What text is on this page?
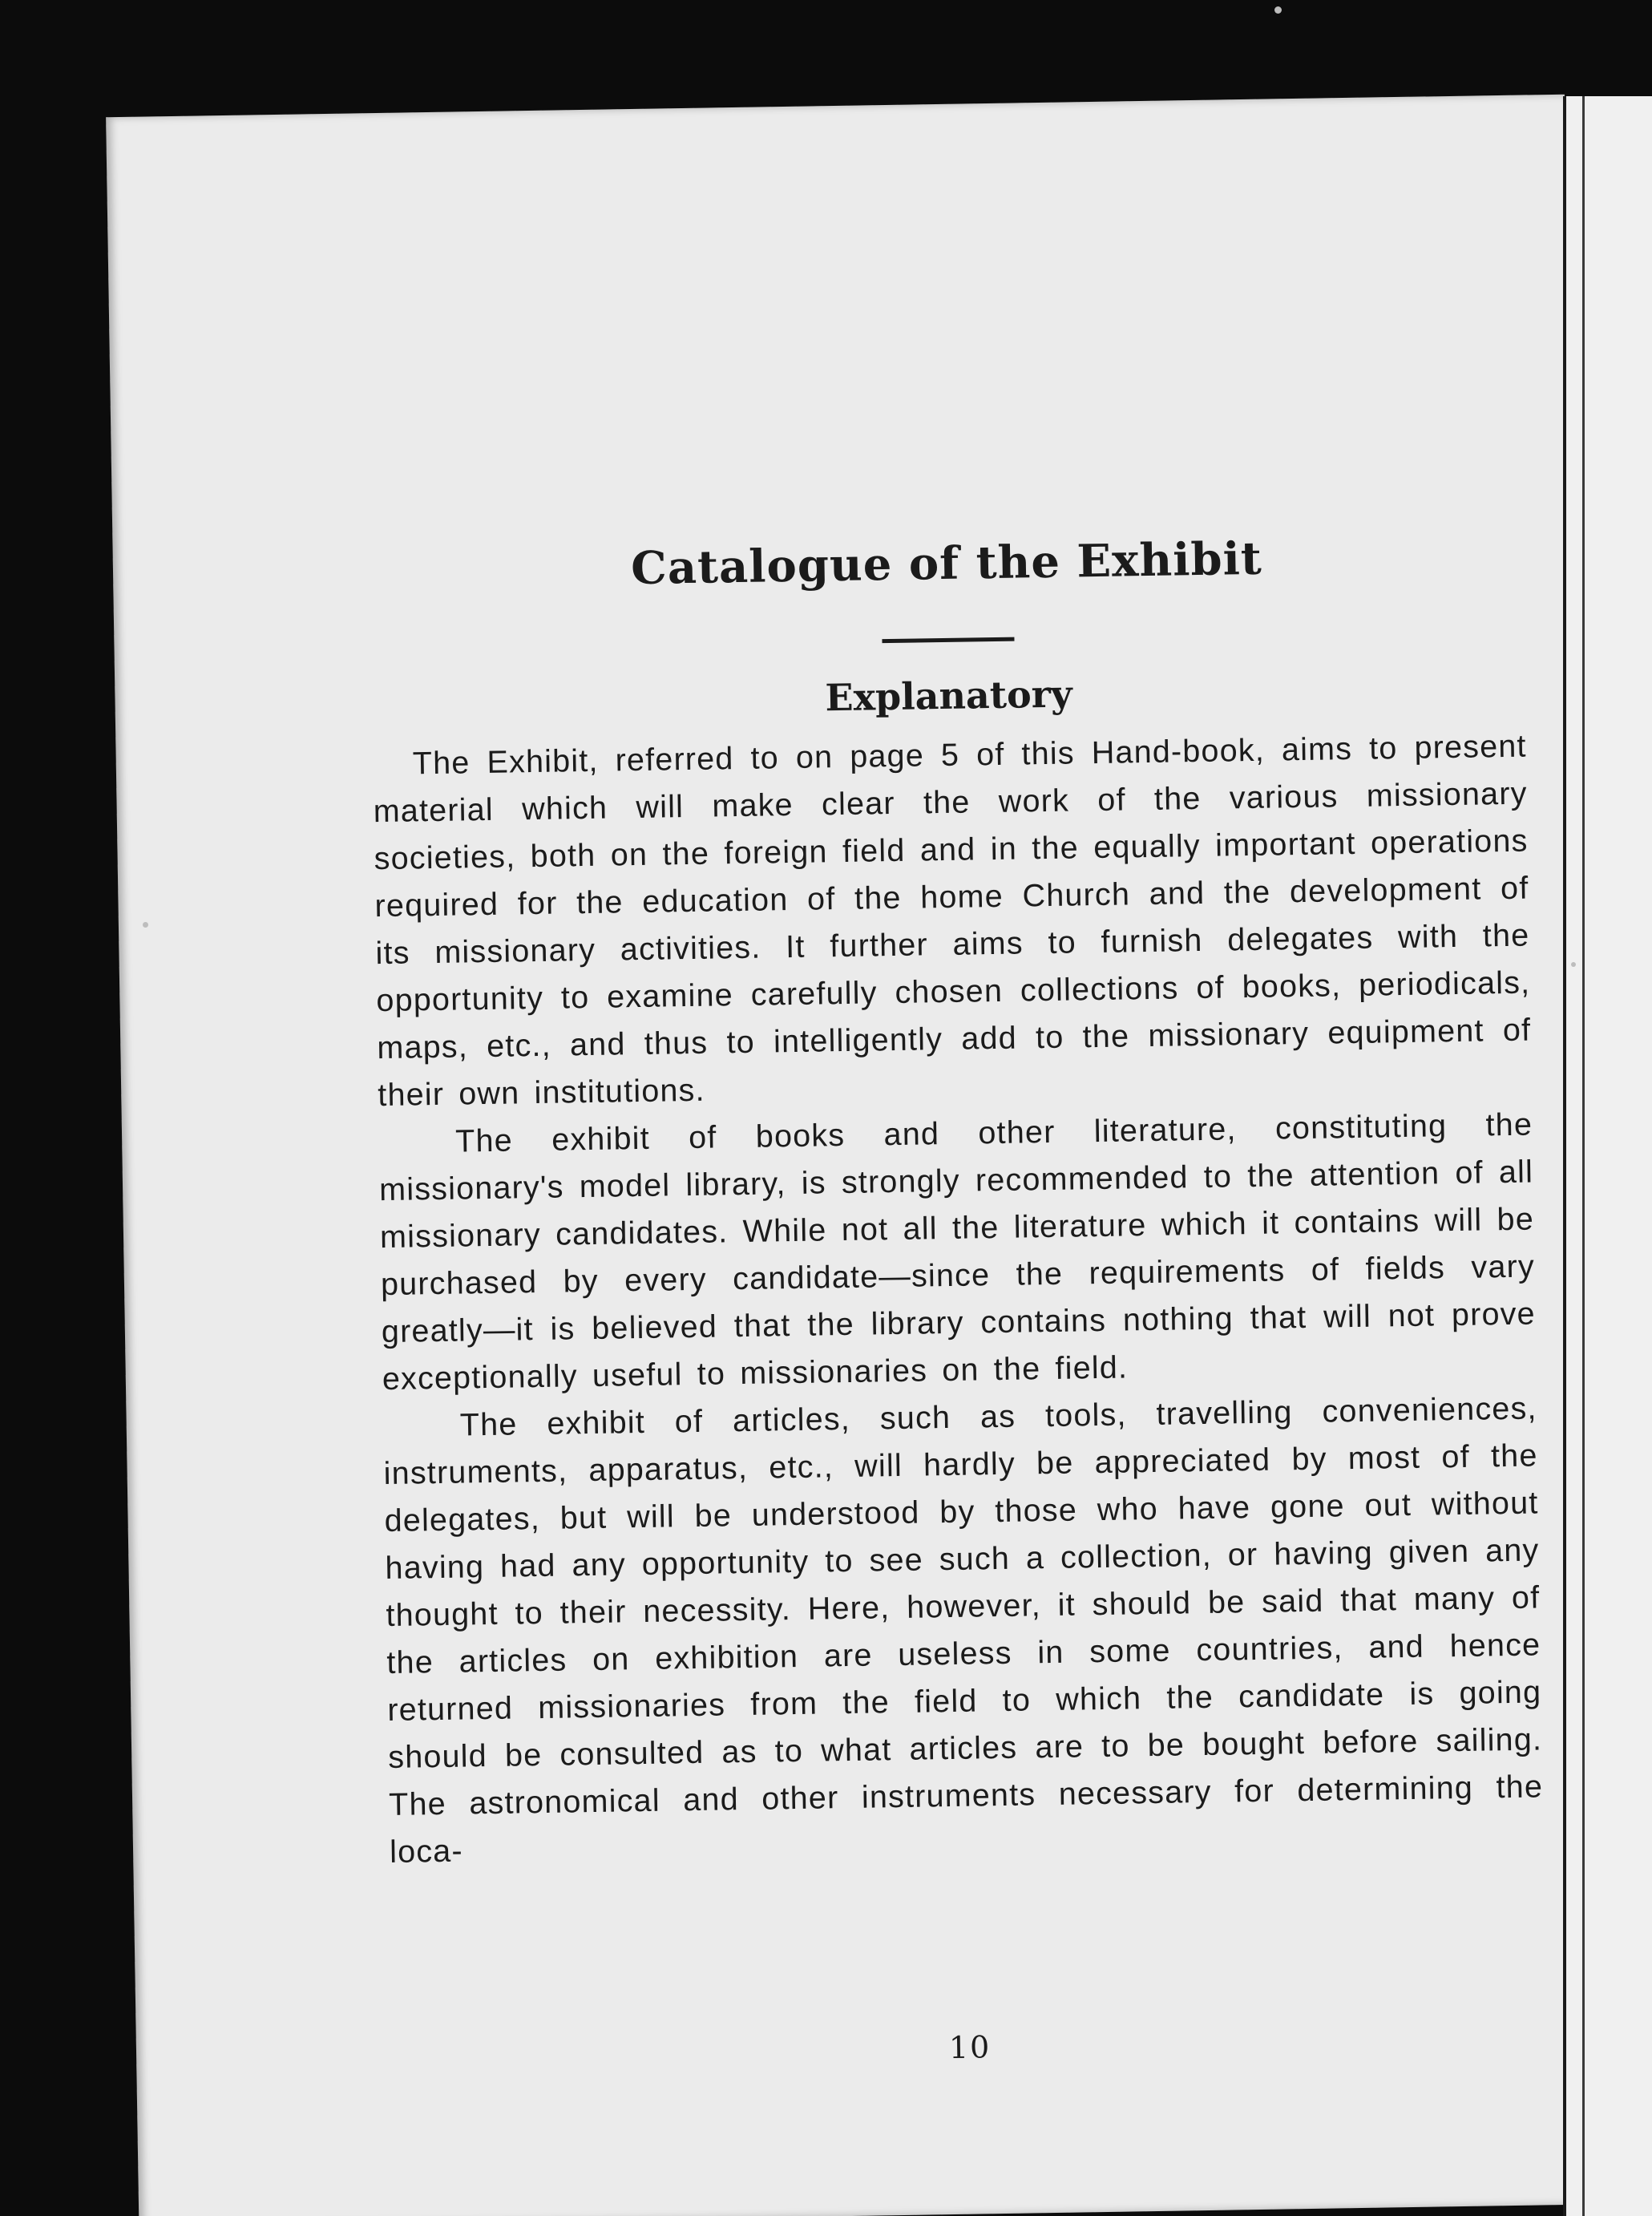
Catalogue of the Exhibit
Explanatory

The Exhibit, referred to on page 5 of this Hand-book, aims to present material which will make clear the work of the various missionary societies, both on the foreign field and in the equally important operations required for the education of the home Church and the development of its missionary activities. It further aims to furnish delegates with the opportunity to examine carefully chosen collections of books, periodicals, maps, etc., and thus to intelligently add to the missionary equipment of their own institutions.

The exhibit of books and other literature, constituting the missionary's model library, is strongly recommended to the attention of all missionary candidates. While not all the literature which it contains will be purchased by every candidate—since the requirements of fields vary greatly—it is believed that the library contains nothing that will not prove exceptionally useful to missionaries on the field.

The exhibit of articles, such as tools, travelling conveniences, instruments, apparatus, etc., will hardly be appreciated by most of the delegates, but will be understood by those who have gone out without having had any opportunity to see such a collection, or having given any thought to their necessity. Here, however, it should be said that many of the articles on exhibition are useless in some countries, and hence returned missionaries from the field to which the candidate is going should be consulted as to what articles are to be bought before sailing. The astronomical and other instruments necessary for determining the loca-

10
